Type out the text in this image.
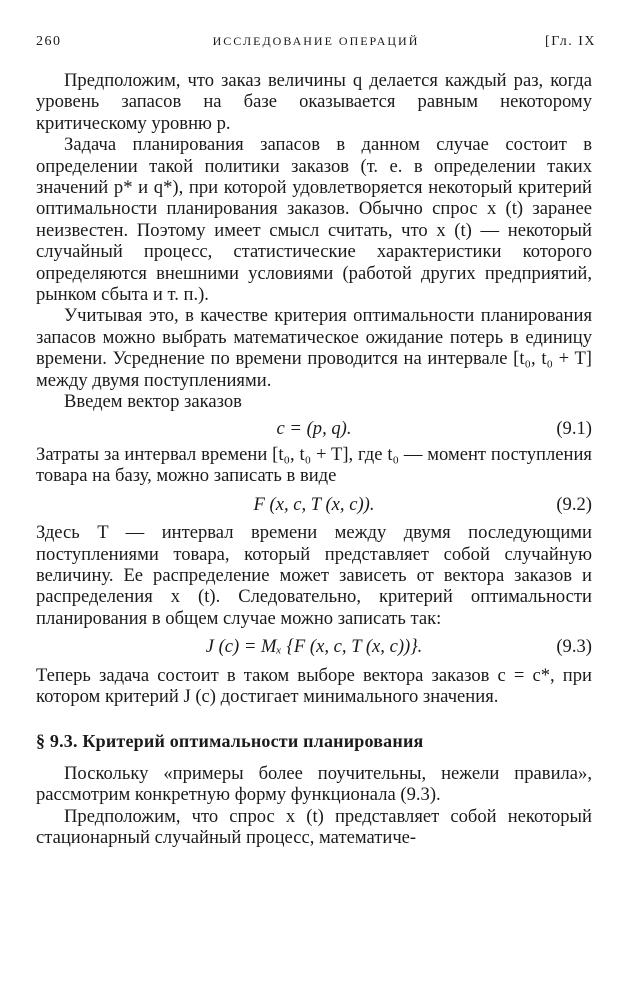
260	ИССЛЕДОВАНИЕ ОПЕРАЦИЙ	[Гл. IX

Предположим, что заказ величины q делается каждый раз, когда уровень запасов на базе оказывается равным некоторому критическому уровню p.

Задача планирования запасов в данном случае состоит в определении такой политики заказов (т. е. в определении таких значений p* и q*), при которой удовлетворяется некоторый критерий оптимальности планирования заказов. Обычно спрос x (t) заранее неизвестен. Поэтому имеет смысл считать, что x (t) — некоторый случайный процесс, статистические характеристики которого определяются внешними условиями (работой других предприятий, рынком сбыта и т. п.).

Учитывая это, в качестве критерия оптимальности планирования запасов можно выбрать математическое ожидание потерь в единицу времени. Усреднение по времени проводится на интервале [t₀, t₀ + T] между двумя поступлениями.

Введем вектор заказов

c = (p, q).	(9.1)

Затраты за интервал времени [t₀, t₀ + T], где t₀ — момент поступления товара на базу, можно записать в виде

F (x, c, T (x, c)).	(9.2)

Здесь T — интервал времени между двумя последующими поступлениями товара, который представляет собой случайную величину. Ее распределение может зависеть от вектора заказов и распределения x (t). Следовательно, критерий оптимальности планирования в общем случае можно записать так:

J (c) = Mₓ {F (x, c, T (x, c))}.	(9.3)

Теперь задача состоит в таком выборе вектора заказов c = c*, при котором критерий J (c) достигает минимального значения.

§ 9.3. Критерий оптимальности планирования

Поскольку «примеры более поучительны, нежели правила», рассмотрим конкретную форму функционала (9.3).

Предположим, что спрос x (t) представляет собой некоторый стационарный случайный процесс, математиче-
